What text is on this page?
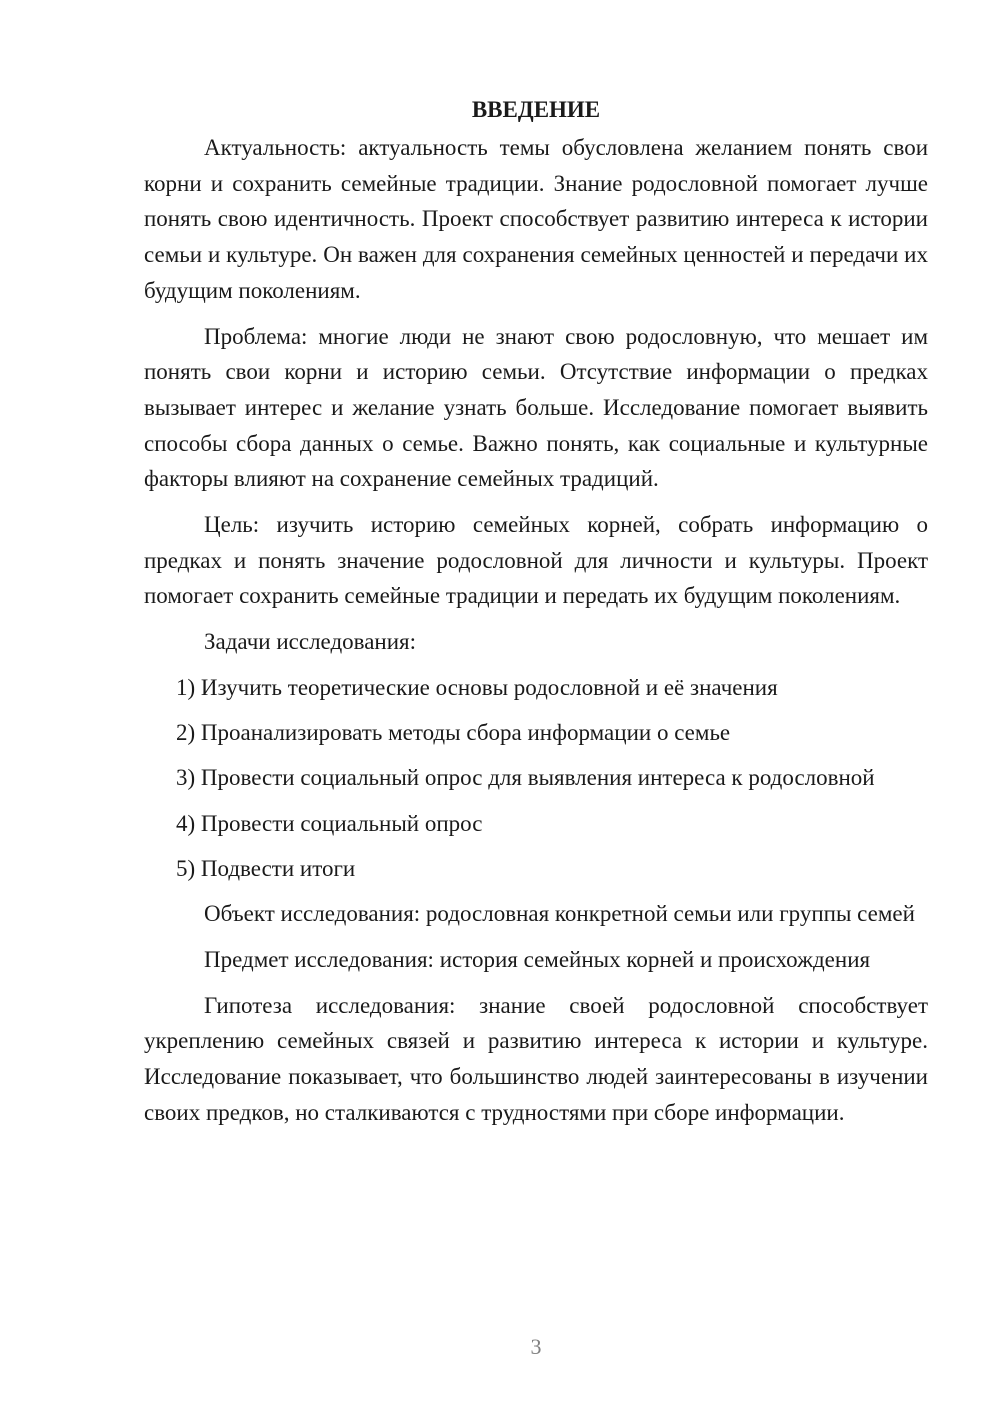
ВВЕДЕНИЕ

Актуальность: актуальность темы обусловлена желанием понять свои корни и сохранить семейные традиции. Знание родословной помогает лучше понять свою идентичность. Проект способствует развитию интереса к истории семьи и культуре. Он важен для сохранения семейных ценностей и передачи их будущим поколениям.

Проблема: многие люди не знают свою родословную, что мешает им понять свои корни и историю семьи. Отсутствие информации о предках вызывает интерес и желание узнать больше. Исследование помогает выявить способы сбора данных о семье. Важно понять, как социальные и культурные факторы влияют на сохранение семейных традиций.

Цель: изучить историю семейных корней, собрать информацию о предках и понять значение родословной для личности и культуры. Проект помогает сохранить семейные традиции и передать их будущим поколениям.

Задачи исследования:

1) Изучить теоретические основы родословной и её значения
2) Проанализировать методы сбора информации о семье
3) Провести социальный опрос для выявления интереса к родословной
4) Провести социальный опрос
5) Подвести итоги

Объект исследования: родословная конкретной семьи или группы семей

Предмет исследования: история семейных корней и происхождения

Гипотеза исследования: знание своей родословной способствует укреплению семейных связей и развитию интереса к истории и культуре. Исследование показывает, что большинство людей заинтересованы в изучении своих предков, но сталкиваются с трудностями при сборе информации.

3
